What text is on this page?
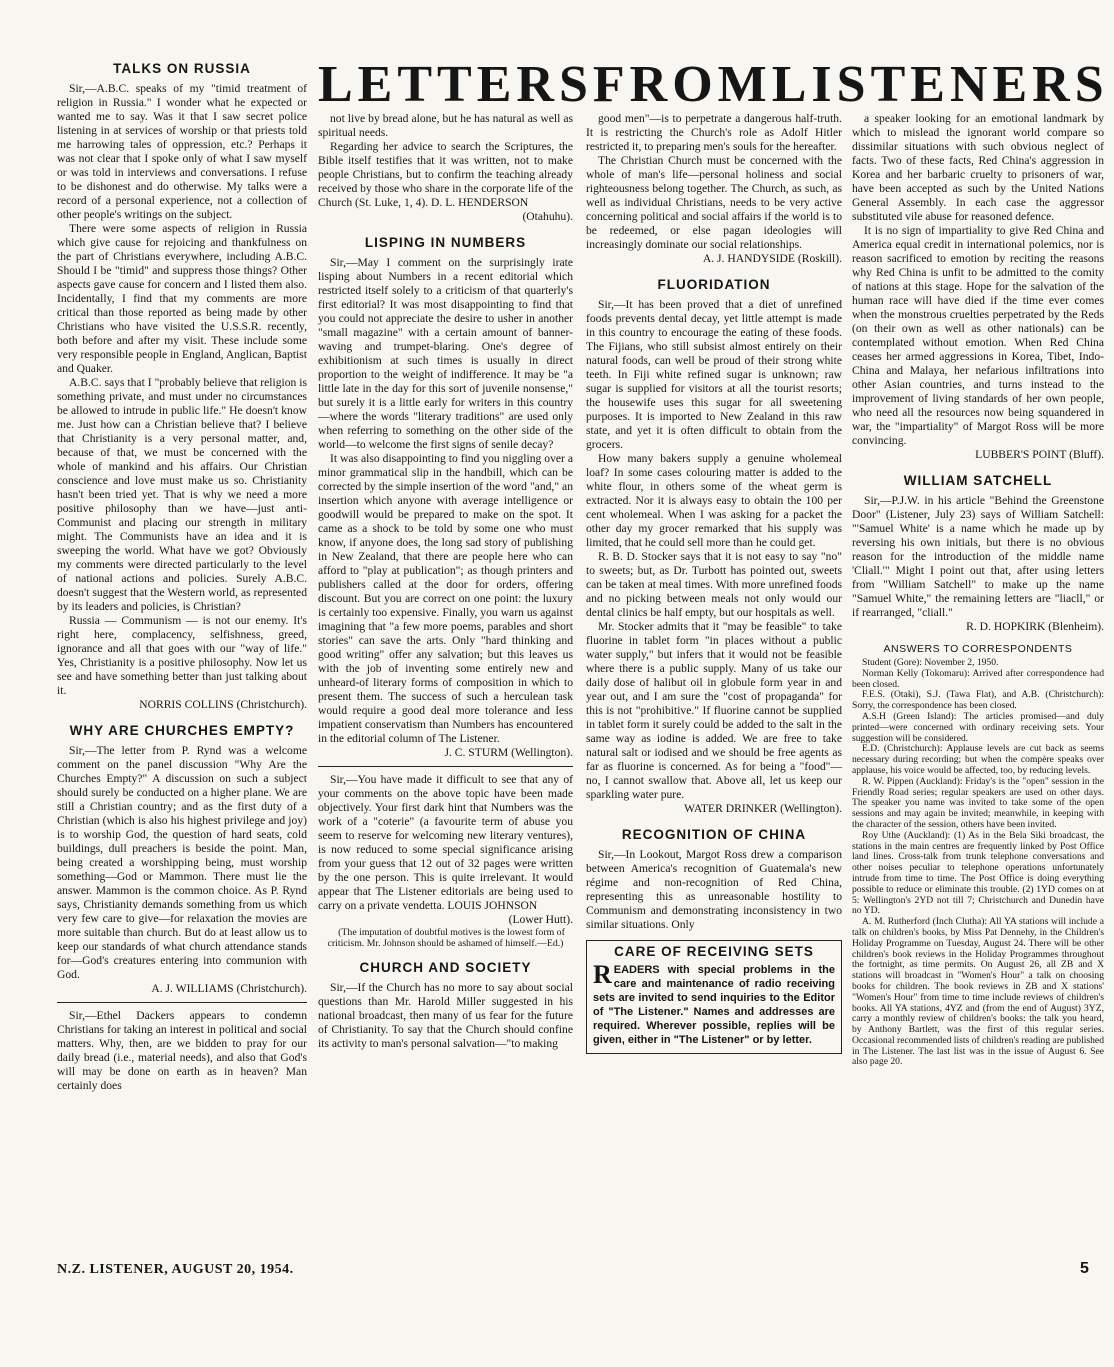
LETTERS FROM LISTENERS
TALKS ON RUSSIA

Sir,—A.B.C. speaks of my "timid treatment of religion in Russia." I wonder what he expected or wanted me to say. Was it that I saw secret police listening in at services of worship or that priests told me harrowing tales of oppression, etc.? Perhaps it was not clear that I spoke only of what I saw myself or was told in interviews and conversations. I refuse to be dishonest and do otherwise. My talks were a record of a personal experience, not a collection of other people's writings on the subject.

There were some aspects of religion in Russia which give cause for rejoicing and thankfulness on the part of Christians everywhere, including A.B.C. Should I be "timid" and suppress those things? Other aspects gave cause for concern and I listed them also. Incidentally, I find that my comments are more critical than those reported as being made by other Christians who have visited the U.S.S.R. recently, both before and after my visit. These include some very responsible people in England, Anglican, Baptist and Quaker.

A.B.C. says that I "probably believe that religion is something private, and must under no circumstances be allowed to intrude in public life." He doesn't know me. Just how can a Christian believe that? I believe that Christianity is a very personal matter, and, because of that, we must be concerned with the whole of mankind and his affairs. Our Christian conscience and love must make us so. Christianity hasn't been tried yet. That is why we need a more positive philosophy than we have—just anti-Communist and placing our strength in military might. The Communists have an idea and it is sweeping the world. What have we got? Obviously my comments were directed particularly to the level of national actions and policies. Surely A.B.C. doesn't suggest that the Western world, as represented by its leaders and policies, is Christian?

Russia — Communism — is not our enemy. It's right here, complacency, selfishness, greed, ignorance and all that goes with our "way of life." Yes, Christianity is a positive philosophy. Now let us see and have something better than just talking about it.

NORRIS COLLINS (Christchurch).

WHY ARE CHURCHES EMPTY?

Sir,—The letter from P. Rynd was a welcome comment on the panel discussion "Why Are the Churches Empty?" A discussion on such a subject should surely be conducted on a higher plane. We are still a Christian country; and as the first duty of a Christian (which is also his highest privilege and joy) is to worship God, the question of hard seats, cold buildings, dull preachers is beside the point. Man, being created a worshipping being, must worship something—God or Mammon. There must lie the answer. Mammon is the common choice. As P. Rynd says, Christianity demands something from us which very few care to give—for relaxation the movies are more suitable than church. But do at least allow us to keep our standards of what church attendance stands for—God's creatures entering into communion with God.

A. J. WILLIAMS (Christchurch).

Sir,—Ethel Dackers appears to condemn Christians for taking an interest in political and social matters. Why, then, are we bidden to pray for our daily bread (i.e., material needs), and also that God's will may be done on earth as in heaven? Man certainly does

not live by bread alone, but he has natural as well as spiritual needs.

Regarding her advice to search the Scriptures, the Bible itself testifies that it was written, not to make people Christians, but to confirm the teaching already received by those who share in the corporate life of the Church (St. Luke, 1, 4). D. L. HENDERSON

(Otahuhu).

LISPING IN NUMBERS

Sir,—May I comment on the surprisingly irate lisping about Numbers in a recent editorial which restricted itself solely to a criticism of that quarterly's first editorial? It was most disappointing to find that you could not appreciate the desire to usher in another "small magazine" with a certain amount of banner-waving and trumpet-blaring. One's degree of exhibitionism at such times is usually in direct proportion to the weight of indifference. It may be "a little late in the day for this sort of juvenile nonsense," but surely it is a little early for writers in this country—where the words "literary traditions" are used only when referring to something on the other side of the world—to welcome the first signs of senile decay?

It was also disappointing to find you niggling over a minor grammatical slip in the handbill, which can be corrected by the simple insertion of the word "and," an insertion which anyone with average intelligence or goodwill would be prepared to make on the spot. It came as a shock to be told by some one who must know, if anyone does, the long sad story of publishing in New Zealand, that there are people here who can afford to "play at publication"; as though printers and publishers called at the door for orders, offering discount. But you are correct on one point: the luxury is certainly too expensive. Finally, you warn us against imagining that "a few more poems, parables and short stories" can save the arts. Only "hard thinking and good writing" offer any salvation; but this leaves us with the job of inventing some entirely new and unheard-of literary forms of composition in which to present them. The success of such a herculean task would require a good deal more tolerance and less impatient conservatism than Numbers has encountered in the editorial column of The Listener.

J. C. STURM (Wellington).

Sir,—You have made it difficult to see that any of your comments on the above topic have been made objectively. Your first dark hint that Numbers was the work of a "coterie" (a favourite term of abuse you seem to reserve for welcoming new literary ventures), is now reduced to some special significance arising from your guess that 12 out of 32 pages were written by the one person. This is quite irrelevant. It would appear that The Listener editorials are being used to carry on a private vendetta. LOUIS JOHNSON

(Lower Hutt).

(The imputation of doubtful motives is the lowest form of criticism. Mr. Johnson should be ashamed of himself.—Ed.)

CHURCH AND SOCIETY

Sir,—If the Church has no more to say about social questions than Mr. Harold Miller suggested in his national broadcast, then many of us fear for the future of Christianity. To say that the Church should confine its activity to man's personal salvation—"to making

good men"—is to perpetrate a dangerous half-truth. It is restricting the Church's role as Adolf Hitler restricted it, to preparing men's souls for the hereafter.

The Christian Church must be concerned with the whole of man's life—personal holiness and social righteousness belong together. The Church, as such, as well as individual Christians, needs to be very active concerning political and social affairs if the world is to be redeemed, or else pagan ideologies will increasingly dominate our social relationships.

A. J. HANDYSIDE (Roskill).

FLUORIDATION

Sir,—It has been proved that a diet of unrefined foods prevents dental decay, yet little attempt is made in this country to encourage the eating of these foods. The Fijians, who still subsist almost entirely on their natural foods, can well be proud of their strong white teeth. In Fiji white refined sugar is unknown; raw sugar is supplied for visitors at all the tourist resorts; the housewife uses this sugar for all sweetening purposes. It is imported to New Zealand in this raw state, and yet it is often difficult to obtain from the grocers.

How many bakers supply a genuine wholemeal loaf? In some cases colouring matter is added to the white flour, in others some of the wheat germ is extracted. Nor it is always easy to obtain the 100 per cent wholemeal. When I was asking for a packet the other day my grocer remarked that his supply was limited, that he could sell more than he could get.

R. B. D. Stocker says that it is not easy to say "no" to sweets; but, as Dr. Turbott has pointed out, sweets can be taken at meal times. With more unrefined foods and no picking between meals not only would our dental clinics be half empty, but our hospitals as well.

Mr. Stocker admits that it "may be feasible" to take fluorine in tablet form "in places without a public water supply," but infers that it would not be feasible where there is a public supply. Many of us take our daily dose of halibut oil in globule form year in and year out, and I am sure the "cost of propaganda" for this is not "prohibitive." If fluorine cannot be supplied in tablet form it surely could be added to the salt in the same way as iodine is added. We are free to take natural salt or iodised and we should be free agents as far as fluorine is concerned. As for being a "food"—no, I cannot swallow that. Above all, let us keep our sparkling water pure.

WATER DRINKER (Wellington).

RECOGNITION OF CHINA

Sir,—In Lookout, Margot Ross drew a comparison between America's recognition of Guatemala's new régime and non-recognition of Red China, representing this as unreasonable hostility to Communism and demonstrating inconsistency in two similar situations. Only

CARE OF RECEIVING SETS
READERS with special problems in the care and maintenance of radio receiving sets are invited to send inquiries to the Editor of "The Listener." Names and addresses are required. Wherever possible, replies will be given, either in "The Listener" or by letter.

a speaker looking for an emotional landmark by which to mislead the ignorant world compare so dissimilar situations with such obvious neglect of facts. Two of these facts, Red China's aggression in Korea and her barbaric cruelty to prisoners of war, have been accepted as such by the United Nations General Assembly. In each case the aggressor substituted vile abuse for reasoned defence.

It is no sign of impartiality to give Red China and America equal credit in international polemics, nor is reason sacrificed to emotion by reciting the reasons why Red China is unfit to be admitted to the comity of nations at this stage. Hope for the salvation of the human race will have died if the time ever comes when the monstrous cruelties perpetrated by the Reds (on their own as well as other nationals) can be contemplated without emotion. When Red China ceases her armed aggressions in Korea, Tibet, Indo-China and Malaya, her nefarious infiltrations into other Asian countries, and turns instead to the improvement of living standards of her own people, who need all the resources now being squandered in war, the "impartiality" of Margot Ross will be more convincing.

LUBBER'S POINT (Bluff).

WILLIAM SATCHELL

Sir,—P.J.W. in his article "Behind the Greenstone Door" (Listener, July 23) says of William Satchell: "'Samuel White' is a name which he made up by reversing his own initials, but there is no obvious reason for the introduction of the middle name 'Cliall.'" Might I point out that, after using letters from "William Satchell" to make up the name "Samuel White," the remaining letters are "liacll," or if rearranged, "cliall."

R. D. HOPKIRK (Blenheim).

ANSWERS TO CORRESPONDENTS

Student (Gore): November 2, 1950.

Norman Kelly (Tokomaru): Arrived after correspondence had been closed.

F.E.S. (Otaki), S.J. (Tawa Flat), and A.B. (Christchurch): Sorry, the correspondence has been closed.

A.S.H (Green Island): The articles promised—and duly printed—were concerned with ordinary receiving sets. Your suggestion will be considered.

E.D. (Christchurch): Applause levels are cut back as seems necessary during recording; but when the compère speaks over applause, his voice would be affected, too, by reducing levels.

R. W. Pippen (Auckland): Friday's is the "open" session in the Friendly Road series; regular speakers are used on other days. The speaker you name was invited to take some of the open sessions and may again be invited; meanwhile, in keeping with the character of the session, others have been invited.

Roy Uthe (Auckland): (1) As in the Bela Siki broadcast, the stations in the main centres are frequently linked by Post Office land lines. Cross-talk from trunk telephone conversations and other noises peculiar to telephone operations unfortunately intrude from time to time. The Post Office is doing everything possible to reduce or eliminate this trouble. (2) 1YD comes on at 5: Wellington's 2YD not till 7; Christchurch and Dunedin have no YD.

A. M. Rutherford (Inch Clutha): All YA stations will include a talk on children's books, by Miss Pat Dennehy, in the Children's Holiday Programme on Tuesday, August 24. There will be other children's book reviews in the Holiday Programmes throughout the fortnight, as time permits. On August 26, all ZB and X stations will broadcast in "Women's Hour" a talk on choosing books for children. The book reviews in ZB and X stations' "Women's Hour" from time to time include reviews of children's books. All YA stations, 4YZ and (from the end of August) 3YZ, carry a monthly review of children's books: the talk you heard, by Anthony Bartlett, was the first of this regular series. Occasional recommended lists of children's reading are published in The Listener. The last list was in the issue of August 6. See also page 20.

N.Z. LISTENER, AUGUST 20, 1954.	5
